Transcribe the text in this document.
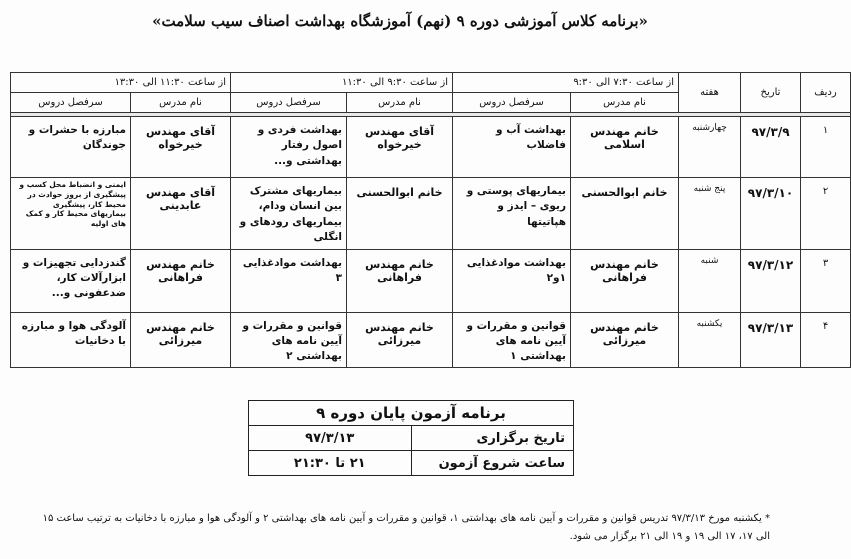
«برنامه کلاس آموزشی دوره ۹ (نهم) آموزشگاه بهداشت اصناف سیب سلامت»
ردیف	تاریخ	هفته	از ساعت ۷:۳۰ الی ۹:۳۰		از ساعت ۹:۳۰ الی ۱۱:۳۰		از ساعت ۱۱:۳۰ الی ۱۳:۳۰	
			نام مدرس	سرفصل دروس	نام مدرس	سرفصل دروس	نام مدرس	سرفصل دروس

۱	۹۷/۳/۹	چهارشنبه	خانم مهندس اسلامی	بهداشت آب و فاضلاب	آقای مهندس خیرخواه	بهداشت فردی و اصول رفتار بهداشتی و...	آقای مهندس خیرخواه	مبارزه با حشرات و جوندگان
۲	۹۷/۳/۱۰	پنج شنبه	خانم ابوالحسنی	بیماریهای پوستی و ریوی – ایدز و هپاتیتها	خانم ابوالحسنی	بیماریهای مشترک بین انسان ودام، بیماریهای رودهای و انگلی	آقای مهندس عابدینی	ایمنی و انضباط محل کسب و پیشگیری از بروز حوادث در محیط کار، پیشگیری بیماریهای محیط کار و کمک های اولیه
۳	۹۷/۳/۱۲	شنبه	خانم مهندس فراهانی	بهداشت موادغذایی ۱و۲	خانم مهندس فراهانی	بهداشت موادغذایی ۳	خانم مهندس فراهانی	گندزدایی تجهیزات و ابزارآلات کار، ضدعفونی و...
۴	۹۷/۳/۱۳	یکشنبه	خانم مهندس میرزائی	قوانین و مقررات و آیین نامه های بهداشتی ۱	خانم مهندس میرزائی	قوانین و مقررات و آیین نامه های بهداشتی ۲	خانم مهندس میرزائی	آلودگی هوا و مبارزه با دخانیات
برنامه آزمون پایان دوره ۹	
تاریخ برگزاری	۹۷/۳/۱۳
ساعت شروع آزمون	۲۱ تا ۲۱:۳۰
* یکشنبه مورخ ۹۷/۳/۱۳ تدریس قوانین و مقررات و آیین نامه های بهداشتی ۱، قوانین و مقررات و آیین نامه های بهداشتی ۲ و آلودگی هوا و مبارزه با دخانیات به ترتیب ساعت ۱۵ الی ۱۷، ۱۷ الی ۱۹ و ۱۹ الی ۲۱ برگزار می شود.
